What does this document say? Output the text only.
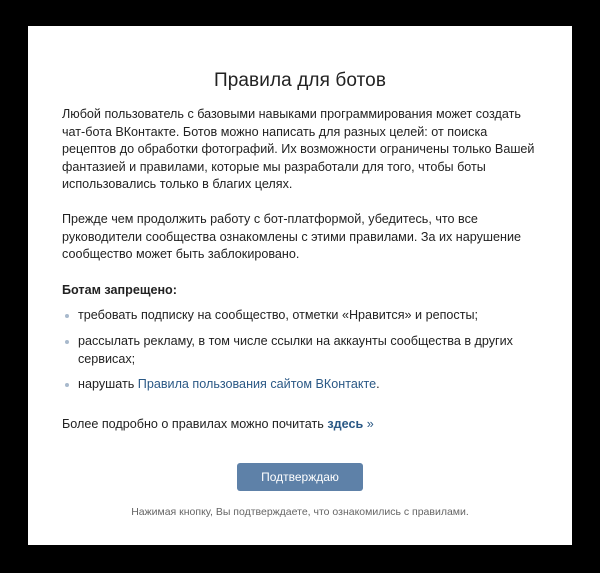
Правила для ботов

Любой пользователь с базовыми навыками программирования может создать чат-бота ВКонтакте. Ботов можно написать для разных целей: от поиска рецептов до обработки фотографий. Их возможности ограничены только Вашей фантазией и правилами, которые мы разработали для того, чтобы боты использовались только в благих целях.

Прежде чем продолжить работу с бот-платформой, убедитесь, что все руководители сообщества ознакомлены с этими правилами. За их нарушение сообщество может быть заблокировано.

Ботам запрещено:

требовать подписку на сообщество, отметки «Нравится» и репосты;
рассылать рекламу, в том числе ссылки на аккаунты сообщества в других сервисах;
нарушать Правила пользования сайтом ВКонтакте.

Более подробно о правилах можно почитать здесь »

Подтверждаю
Нажимая кнопку, Вы подтверждаете, что ознакомились с правилами.
